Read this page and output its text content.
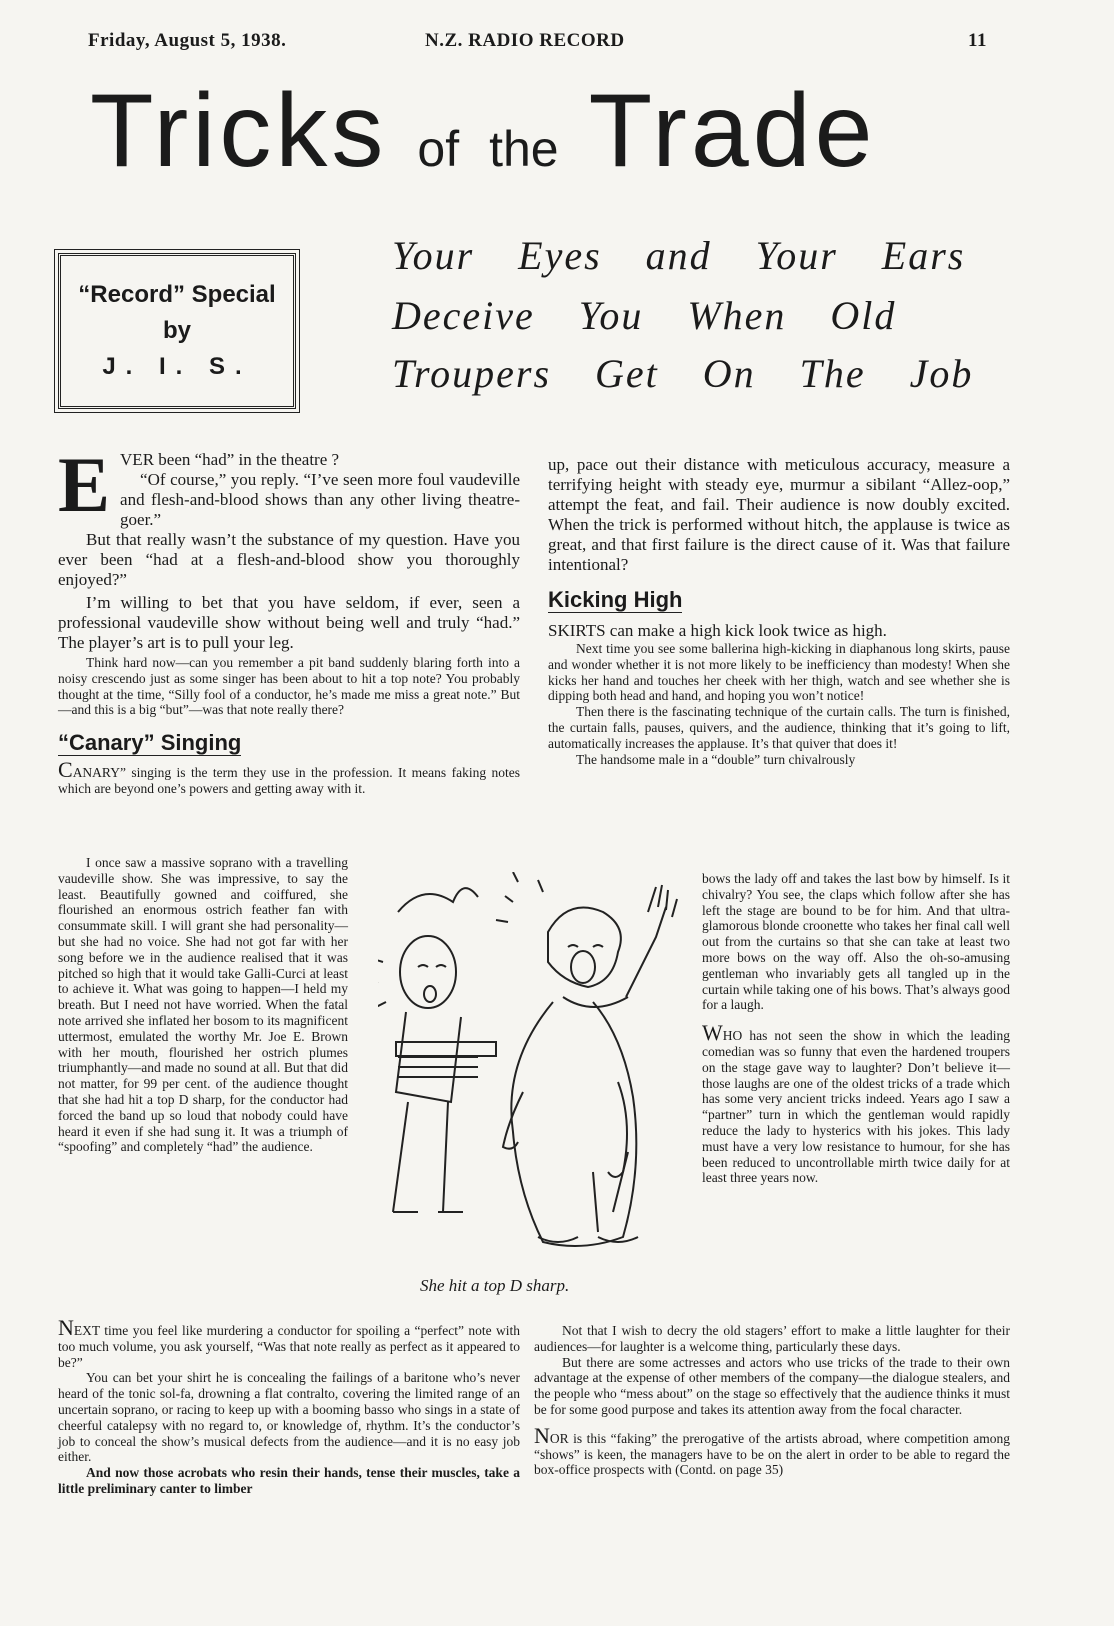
Friday, August 5, 1938.	N.Z. RADIO RECORD	11
Tricks of the Trade
“Record” Special
by
J. I. S.
Your Eyes and Your Ears
Deceive You When Old
Troupers Get On The Job

E VER been “had” in the theatre ?
“Of course,” you reply. “I’ve seen more foul vaudeville and flesh-and-blood shows than any other living theatre-goer.”

But that really wasn’t the substance of my question. Have you ever been “had at a flesh-and-blood show you thoroughly enjoyed?”

I’m willing to bet that you have seldom, if ever, seen a professional vaudeville show without being well and truly “had.” The player’s art is to pull your leg.

Think hard now—can you remember a pit band suddenly blaring forth into a noisy crescendo just as some singer has been about to hit a top note? You probably thought at the time, “Silly fool of a conductor, he’s made me miss a great note.” But—and this is a big “but”—was that note really there?

“Canary” Singing

CANARY” singing is the term they use in the profession. It means faking notes which are beyond one’s powers and getting away with it.

I once saw a massive soprano with a travelling vaudeville show. She was impressive, to say the least. Beautifully gowned and coiffured, she flourished an enormous ostrich feather fan with consummate skill. I will grant she had personality—but she had no voice. She had not got far with her song before we in the audience realised that it was pitched so high that it would take Galli-Curci at least to achieve it. What was going to happen—I held my breath. But I need not have worried. When the fatal note arrived she inflated her bosom to its magnificent uttermost, emulated the worthy Mr. Joe E. Brown with her mouth, flourished her ostrich plumes triumphantly—and made no sound at all. But that did not matter, for 99 per cent. of the audience thought that she had hit a top D sharp, for the conductor had forced the band up so loud that nobody could have heard it even if she had sung it. It was a triumph of “spoofing” and completely “had” the audience.

NEXT time you feel like murdering a conductor for spoiling a “perfect” note with too much volume, you ask yourself, “Was that note really as perfect as it appeared to be?”

You can bet your shirt he is concealing the failings of a baritone who’s never heard of the tonic sol-fa, drowning a flat contralto, covering the limited range of an uncertain soprano, or racing to keep up with a booming basso who sings in a state of cheerful catalepsy with no regard to, or knowledge of, rhythm. It’s the conductor’s job to conceal the show’s musical defects from the audience—and it is no easy job either.

And now those acrobats who resin their hands, tense their muscles, take a little preliminary canter to limber

up, pace out their distance with meticulous accuracy, measure a terrifying height with steady eye, murmur a sibilant “Allez-oop,” attempt the feat, and fail. Their audience is now doubly excited. When the trick is performed without hitch, the applause is twice as great, and that first failure is the direct cause of it. Was that failure intentional?

Kicking High

SKIRTS can make a high kick look twice as high.

Next time you see some ballerina high-kicking in diaphanous long skirts, pause and wonder whether it is not more likely to be inefficiency than modesty! When she kicks her hand and touches her cheek with her thigh, watch and see whether she is dipping both head and hand, and hoping you won’t notice!

Then there is the fascinating technique of the curtain calls. The turn is finished, the curtain falls, pauses, quivers, and the audience, thinking that it’s going to lift, automatically increases the applause. It’s that quiver that does it!

The handsome male in a “double” turn chivalrously

bows the lady off and takes the last bow by himself. Is it chivalry? You see, the claps which follow after she has left the stage are bound to be for him. And that ultra-glamorous blonde croonette who takes her final call well out from the curtains so that she can take at least two more bows on the way off. Also the oh-so-amusing gentleman who invariably gets all tangled up in the curtain while taking one of his bows. That’s always good for a laugh.

WHO has not seen the show in which the leading comedian was so funny that even the hardened troupers on the stage gave way to laughter? Don’t believe it—those laughs are one of the oldest tricks of a trade which has some very ancient tricks indeed. Years ago I saw a “partner” turn in which the gentleman would rapidly reduce the lady to hysterics with his jokes. This lady must have a very low resistance to humour, for she has been reduced to uncontrollable mirth twice daily for at least three years now.

Not that I wish to decry the old stagers’ effort to make a little laughter for their audiences—for laughter is a welcome thing, particularly these days.

But there are some actresses and actors who use tricks of the trade to their own advantage at the expense of other members of the company—the dialogue stealers, and the people who “mess about” on the stage so effectively that the audience thinks it must be for some good purpose and takes its attention away from the focal character.

NOR is this “faking” the prerogative of the artists abroad, where competition among “shows” is keen, the managers have to be on the alert in order to be able to regard the box-office prospects with (Contd. on page 35)

She hit a top D sharp.
